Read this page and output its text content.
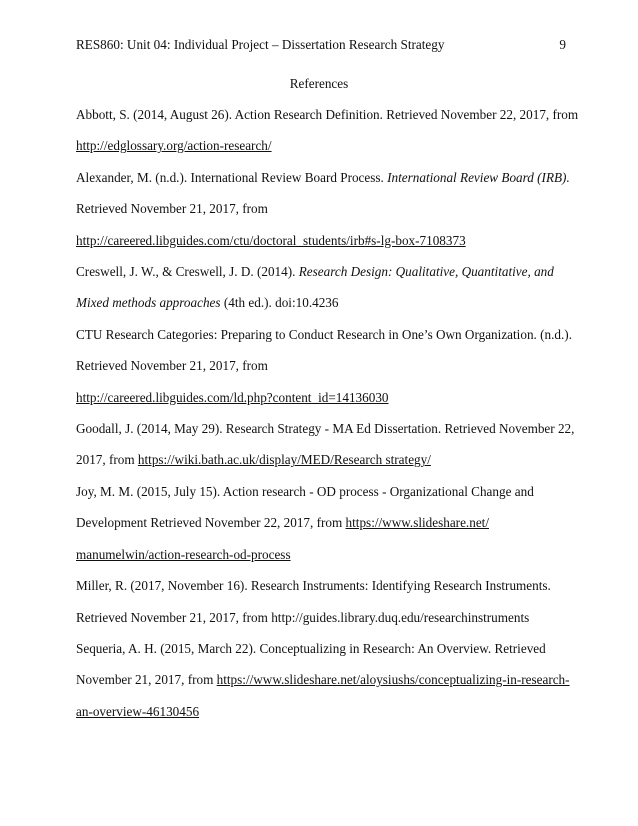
RES860: Unit 04: Individual Project – Dissertation Research Strategy	9
References

Abbott, S. (2014, August 26). Action Research Definition. Retrieved November 22, 2017, from
http://edglossary.org/action-research/

Alexander, M. (n.d.). International Review Board Process. International Review Board (IRB).
Retrieved November 21, 2017, from
http://careered.libguides.com/ctu/doctoral_students/irb#s-lg-box-7108373

Creswell, J. W., & Creswell, J. D. (2014). Research Design: Qualitative, Quantitative, and
Mixed methods approaches (4th ed.). doi:10.4236

CTU Research Categories: Preparing to Conduct Research in One’s Own Organization. (n.d.).
Retrieved November 21, 2017, from
http://careered.libguides.com/ld.php?content_id=14136030

Goodall, J. (2014, May 29). Research Strategy - MA Ed Dissertation. Retrieved November 22,
2017, from https://wiki.bath.ac.uk/display/MED/Research strategy/

Joy, M. M. (2015, July 15). Action research - OD process - Organizational Change and
Development Retrieved November 22, 2017, from https://www.slideshare.net/
manumelwin/action-research-od-process

Miller, R. (2017, November 16). Research Instruments: Identifying Research Instruments.
Retrieved November 21, 2017, from http://guides.library.duq.edu/researchinstruments

Sequeria, A. H. (2015, March 22). Conceptualizing in Research: An Overview. Retrieved
November 21, 2017, from https://www.slideshare.net/aloysiushs/conceptualizing-in-research-
an-overview-46130456
